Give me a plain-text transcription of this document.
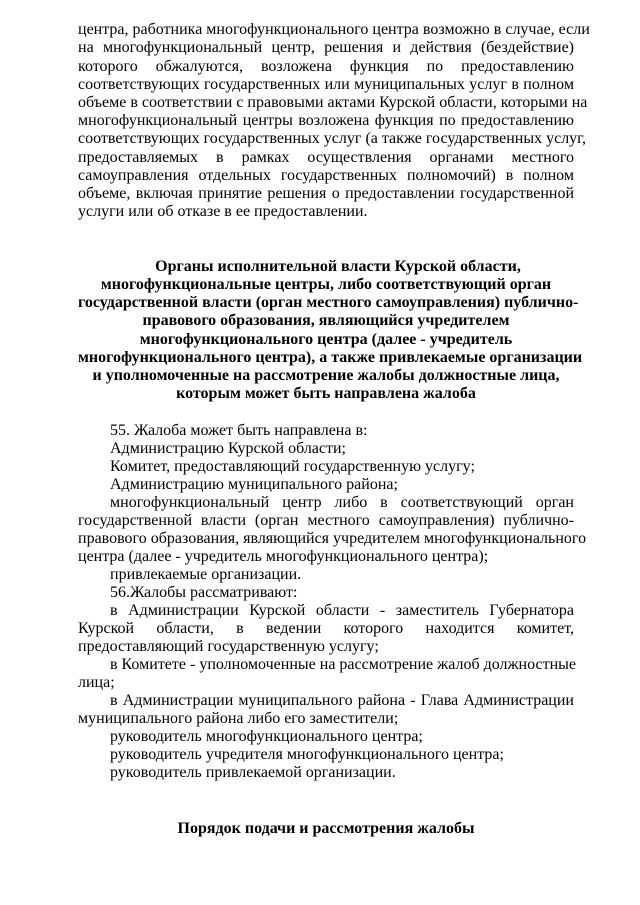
центра, работника многофункционального центра возможно в случае, если

на многофункциональный центр, решения и действия (бездействие)

которого обжалуются, возложена функция по предоставлению

соответствующих государственных или муниципальных услуг в полном

объеме в соответствии с правовыми актами Курской области, которыми на

многофункциональный центры возложена функция по предоставлению

соответствующих государственных услуг (а также государственных услуг,

предоставляемых в рамках осуществления органами местного

самоуправления отдельных государственных полномочий) в полном

объеме, включая принятие решения о предоставлении государственной

услуги или об отказе в ее предоставлении.

Органы исполнительной власти Курской области,

многофункциональные центры, либо соответствующий орган

государственной власти (орган местного самоуправления) публично-

правового образования, являющийся учредителем

многофункционального центра (далее - учредитель

многофункционального центра), а также привлекаемые организации

и уполномоченные на рассмотрение жалобы должностные лица,

которым может быть направлена жалоба

55. Жалоба может быть направлена в:

Администрацию Курской области;

Комитет, предоставляющий государственную услугу;

Администрацию муниципального района;

многофункциональный центр либо в соответствующий орган

государственной власти (орган местного самоуправления) публично-

правового образования, являющийся учредителем многофункционального

центра (далее - учредитель многофункционального центра);

привлекаемые организации.

56.Жалобы рассматривают:

в Администрации Курской области - заместитель Губернатора

Курской области, в ведении которого находится комитет,

предоставляющий государственную услугу;

в Комитете - уполномоченные на рассмотрение жалоб должностные

лица;

в Администрации муниципального района - Глава Администрации

муниципального района либо его заместители;

руководитель многофункционального центра;

руководитель учредителя многофункционального центра;

руководитель привлекаемой организации.

Порядок подачи и рассмотрения жалобы
